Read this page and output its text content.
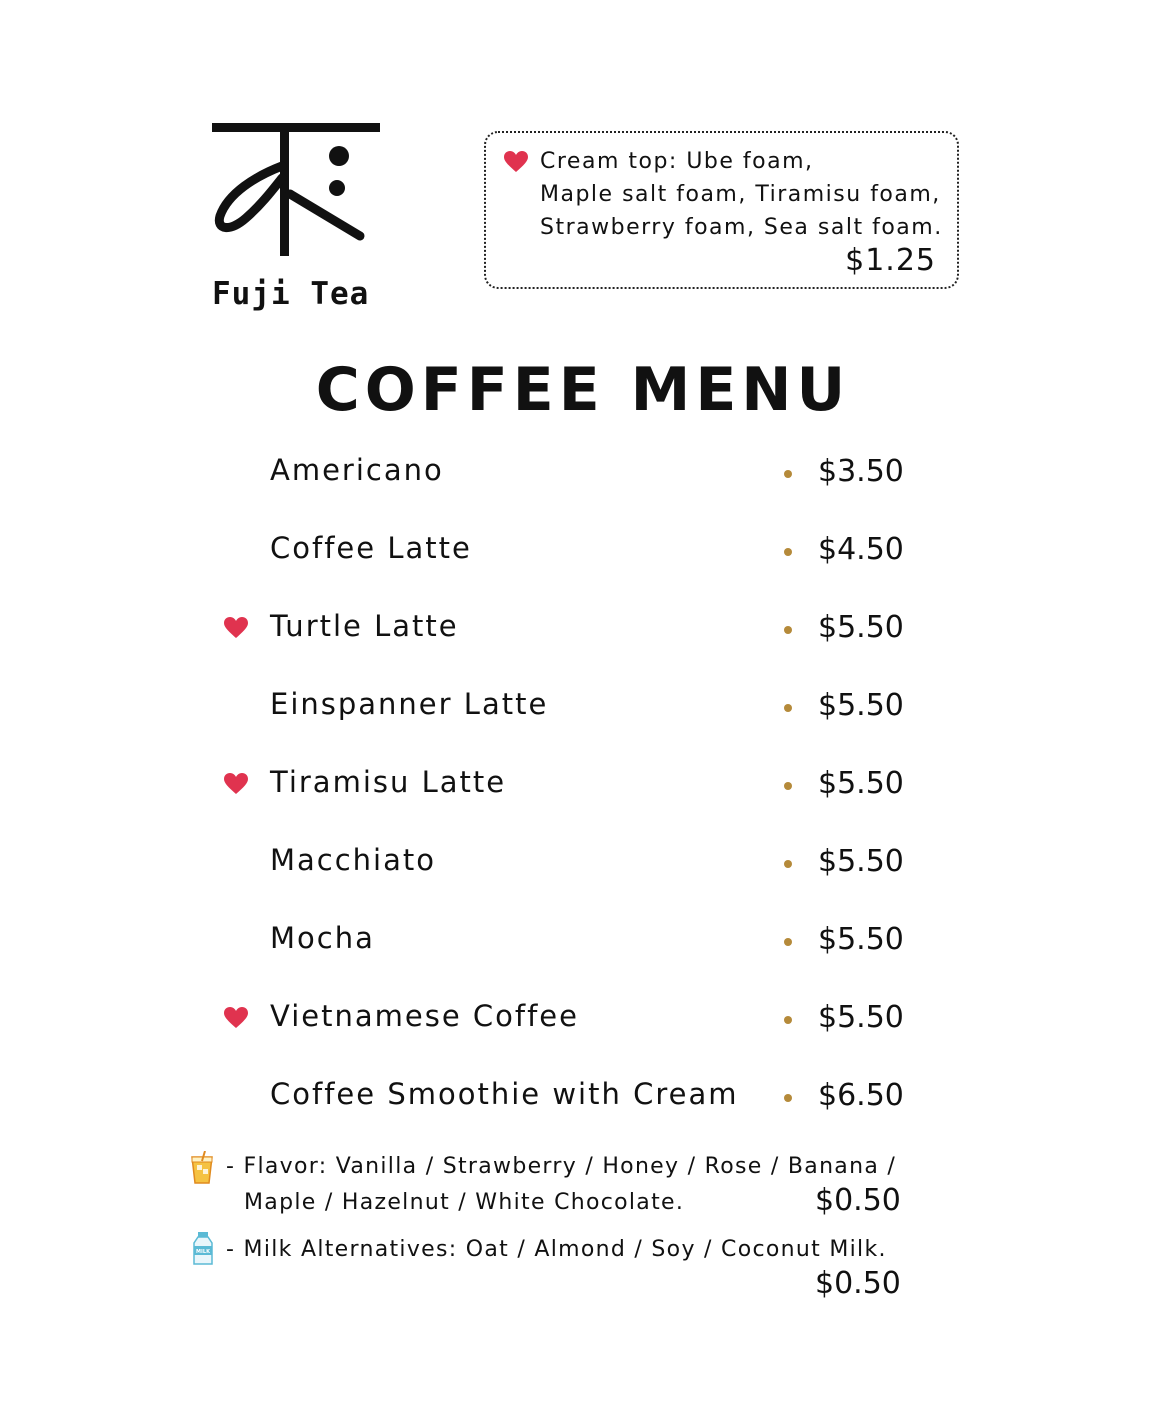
Fuji Tea
Cream top: Ube foam,
Maple salt foam, Tiramisu foam,
Strawberry foam, Sea salt foam.
$1.25
COFFEE MENU
Americano	$3.50
Coffee Latte	$4.50
Turtle Latte	$5.50
Einspanner Latte	$5.50
Tiramisu Latte	$5.50
Macchiato	$5.50
Mocha	$5.50
Vietnamese Coffee	$5.50
Coffee Smoothie with Cream	$6.50
- Flavor: Vanilla / Strawberry / Honey / Rose / Banana /
Maple / Hazelnut / White Chocolate.	$0.50
MILK - Milk Alternatives: Oat / Almond / Soy / Coconut Milk.
$0.50
